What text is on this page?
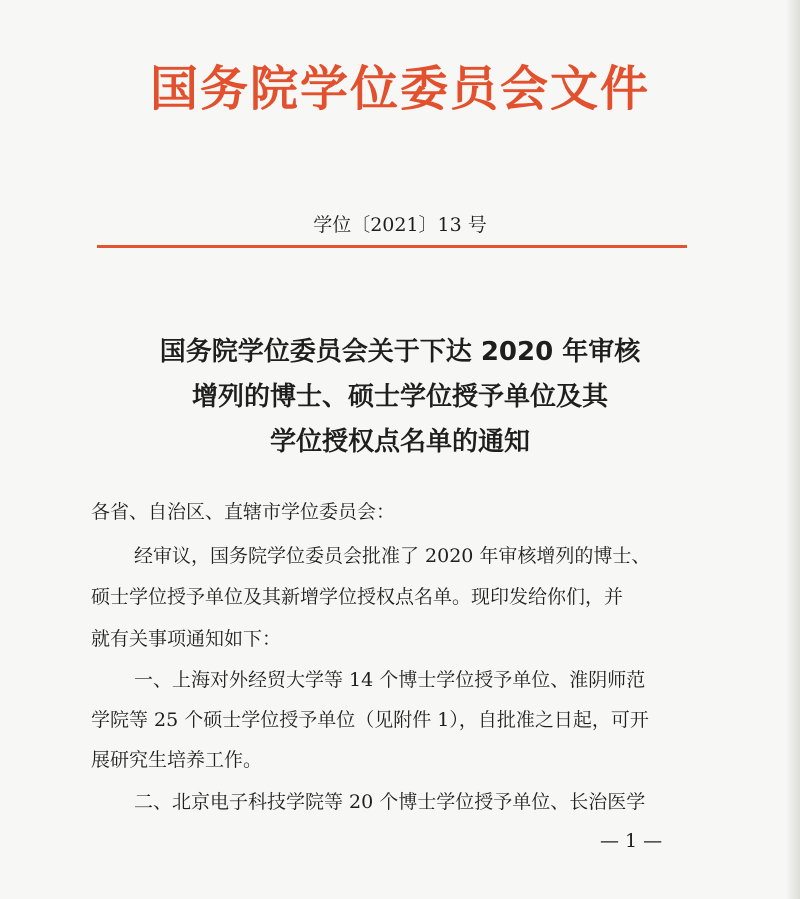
国务院学位委员会文件
学位〔2021〕13 号
国务院学位委员会关于下达 2020 年审核
增列的博士、硕士学位授予单位及其
学位授权点名单的通知
各省、自治区、直辖市学位委员会：
经审议，国务院学位委员会批准了 2020 年审核增列的博士、
硕士学位授予单位及其新增学位授权点名单。现印发给你们，并
就有关事项通知如下：
一、上海对外经贸大学等 14 个博士学位授予单位、淮阴师范
学院等 25 个硕士学位授予单位（见附件 1），自批准之日起，可开
展研究生培养工作。
二、北京电子科技学院等 20 个博士学位授予单位、长治医学
— 1 —
